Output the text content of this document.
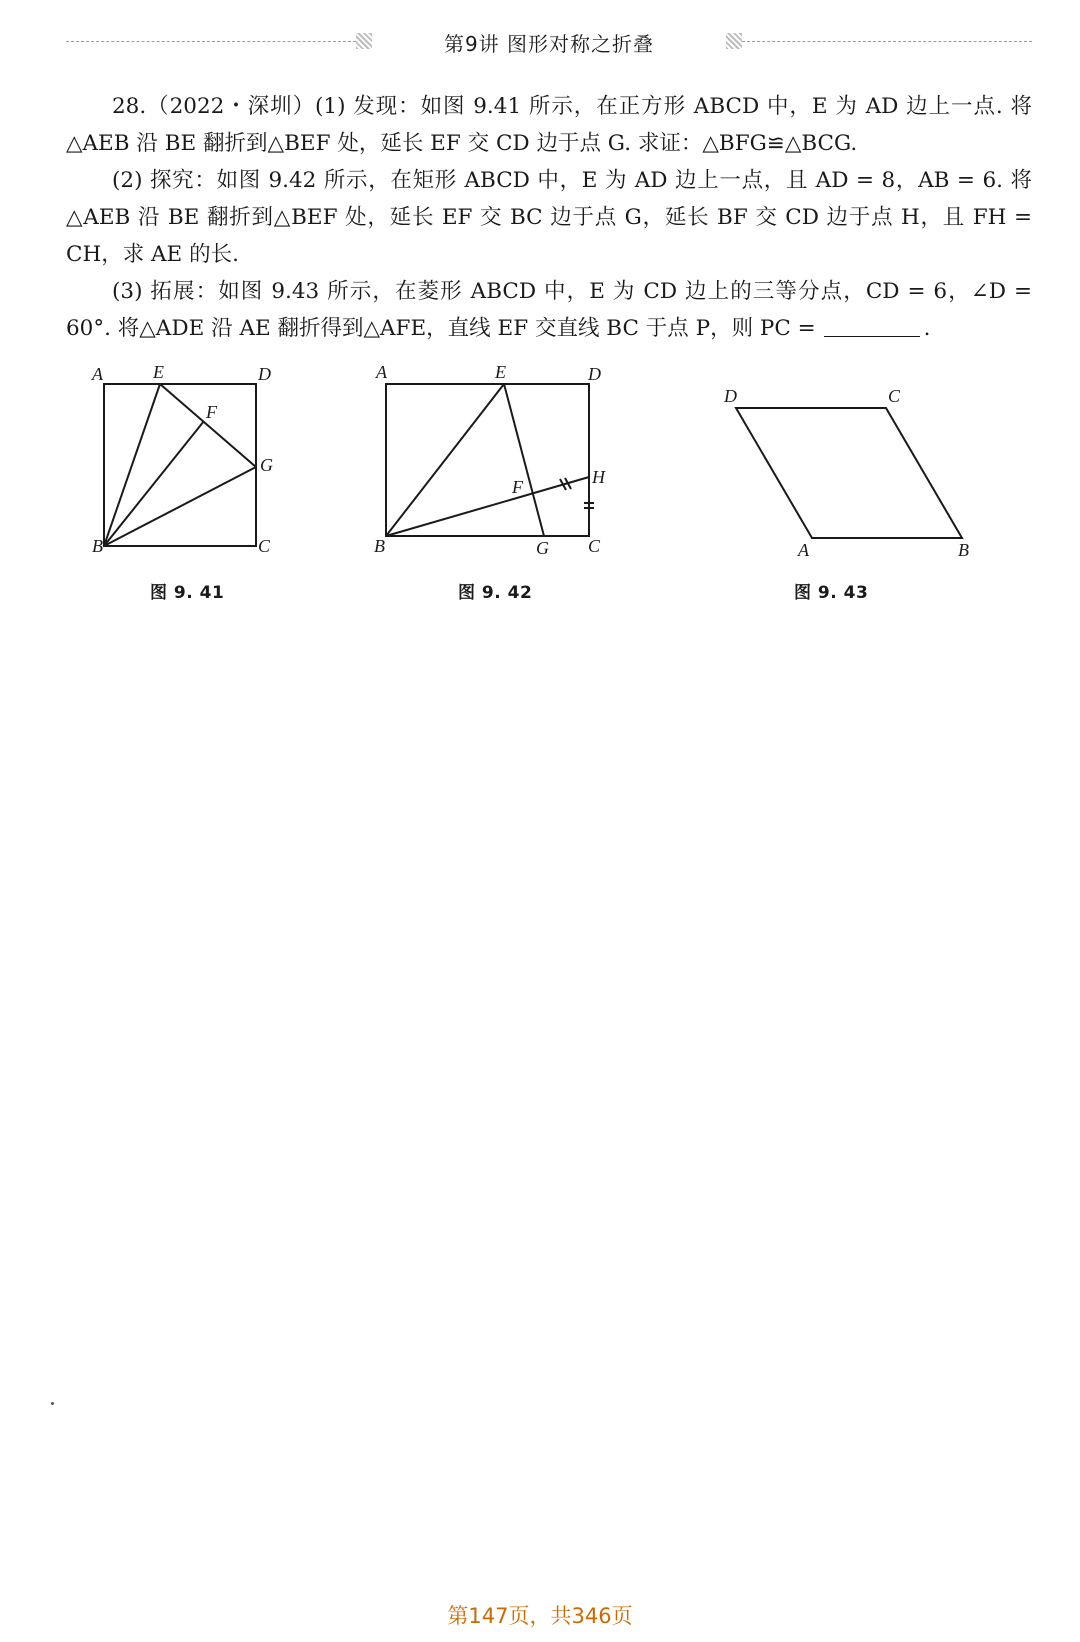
第9讲 图形对称之折叠

28.（2022・深圳）(1) 发现：如图 9.41 所示，在正方形 ABCD 中，E 为 AD 边上一点. 将△AEB 沿 BE 翻折到△BEF 处，延长 EF 交 CD 边于点 G. 求证：△BFG≌△BCG.

(2) 探究：如图 9.42 所示，在矩形 ABCD 中，E 为 AD 边上一点，且 AD = 8，AB = 6. 将△AEB 沿 BE 翻折到△BEF 处，延长 EF 交 BC 边于点 G，延长 BF 交 CD 边于点 H，且 FH = CH，求 AE 的长.

(3) 拓展：如图 9.43 所示，在菱形 ABCD 中，E 为 CD 边上的三等分点，CD = 6，∠D = 60°. 将△ADE 沿 AE 翻折得到△AFE，直线 EF 交直线 BC 于点 P，则 PC =	.

A	E	D
F
G
B	C
图 9. 41
A	E	D
F	H
B	G C
图 9. 42
D	C
A	B
图 9. 43
第147页，共346页
